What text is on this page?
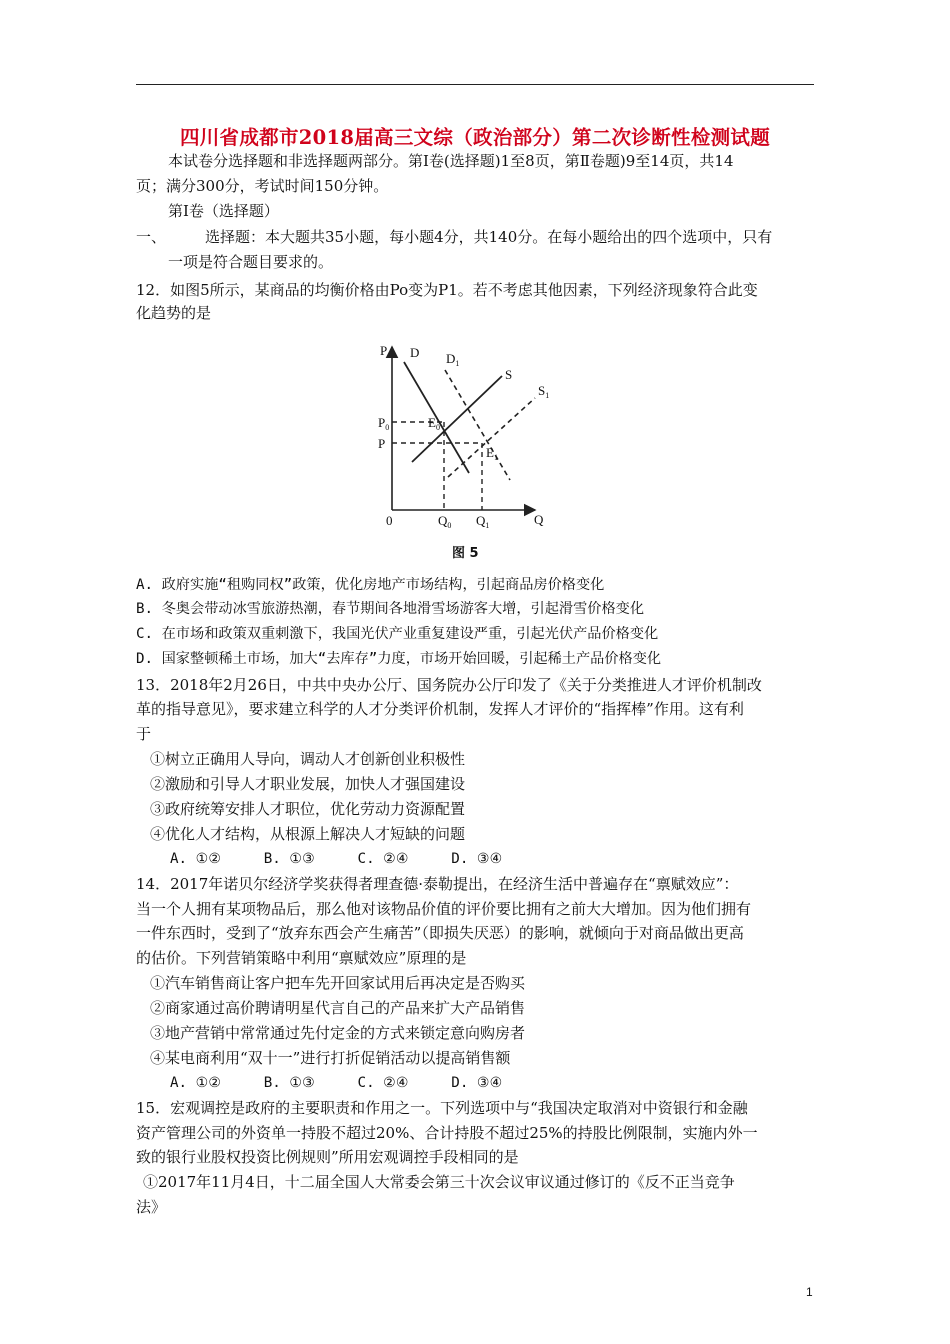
四川省成都市2018届高三文综（政治部分）第二次诊断性检测试题
本试卷分选择题和非选择题两部分。第Ⅰ卷(选择题)1至8页，第Ⅱ卷题)9至14页，共14
页；满分300分，考试时间150分钟。
第Ⅰ卷（选择题）
一、	选择题：本大题共35小题，每小题4分，共140分。在每小题给出的四个选项中，只有
一项是符合题目要求的。
12．如图5所示，某商品的均衡价格由Po变为P1。若不考虑其他因素，下列经济现象符合此变
化趋势的是
P
Q
0
D $D_1$
S
$S_1$
$E_0$
$E_1$
$P_0$
P
$Q_0$ $Q_1$
图 5
A. 政府实施“租购同权”政策，优化房地产市场结构，引起商品房价格变化
B. 冬奥会带动冰雪旅游热潮，春节期间各地滑雪场游客大增，引起滑雪价格变化
C. 在市场和政策双重刺激下，我国光伏产业重复建设严重，引起光伏产品价格变化
D. 国家整顿稀土市场，加大“去库存”力度，市场开始回暖，引起稀土产品价格变化
13．2018年2月26日，中共中央办公厅、国务院办公厅印发了《关于分类推进人才评价机制改
革的指导意见》，要求建立科学的人才分类评价机制，发挥人才评价的“指挥棒”作用。这有利
于
①树立正确用人导向，调动人才创新创业积极性
②激励和引导人才职业发展，加快人才强国建设
③政府统筹安排人才职位，优化劳动力资源配置
④优化人才结构，从根源上解决人才短缺的问题
A. ①②     B. ①③     C. ②④     D. ③④
14．2017年诺贝尔经济学奖获得者理查德·泰勒提出，在经济生活中普遍存在“禀赋效应”：
当一个人拥有某项物品后，那么他对该物品价值的评价要比拥有之前大大增加。因为他们拥有
一件东西时，受到了“放弃东西会产生痛苦”（即损失厌恶）的影响，就倾向于对商品做出更高
的估价。下列营销策略中利用“禀赋效应”原理的是
①汽车销售商让客户把车先开回家试用后再决定是否购买
②商家通过高价聘请明星代言自己的产品来扩大产品销售
③地产营销中常常通过先付定金的方式来锁定意向购房者
④某电商利用“双十一”进行打折促销活动以提高销售额
A. ①②     B. ①③     C. ②④     D. ③④
15．宏观调控是政府的主要职责和作用之一。下列选项中与“我国决定取消对中资银行和金融
资产管理公司的外资单一持股不超过20%、合计持股不超过25%的持股比例限制，实施内外一
致的银行业股权投资比例规则”所用宏观调控手段相同的是
①2017年11月4日，十二届全国人大常委会第三十次会议审议通过修订的《反不正当竞争
法》
1
